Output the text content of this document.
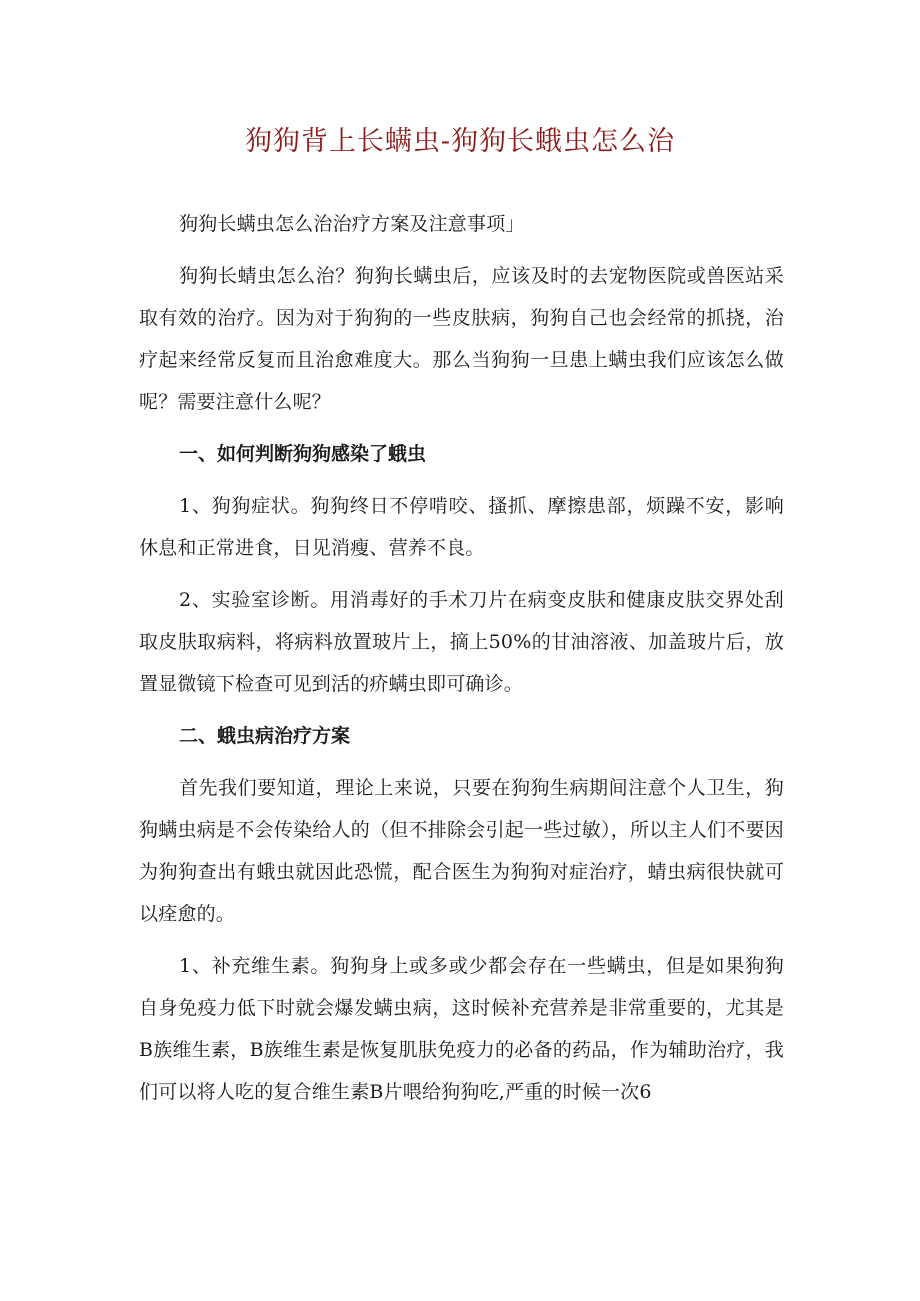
狗狗背上长螨虫-狗狗长蛾虫怎么治

狗狗长螨虫怎么治治疗方案及注意事项」

狗狗长蜻虫怎么治？狗狗长螨虫后，应该及时的去宠物医院或兽医站采取有效的治疗。因为对于狗狗的一些皮肤病，狗狗自己也会经常的抓挠，治疗起来经常反复而且治愈难度大。那么当狗狗一旦患上螨虫我们应该怎么做呢？需要注意什么呢？

一、如何判断狗狗感染了蛾虫

1、狗狗症状。狗狗终日不停啃咬、搔抓、摩擦患部，烦躁不安，影响休息和正常进食，日见消瘦、营养不良。

2、实验室诊断。用消毒好的手术刀片在病变皮肤和健康皮肤交界处刮取皮肤取病料，将病料放置玻片上，摘上50%的甘油溶液、加盖玻片后，放置显微镜下检查可见到活的疥螨虫即可确诊。

二、蛾虫病治疗方案

首先我们要知道，理论上来说，只要在狗狗生病期间注意个人卫生，狗狗螨虫病是不会传染给人的（但不排除会引起一些过敏），所以主人们不要因为狗狗查出有蛾虫就因此恐慌，配合医生为狗狗对症治疗，蜻虫病很快就可以痊愈的。

1、补充维生素。狗狗身上或多或少都会存在一些螨虫，但是如果狗狗自身免疫力低下时就会爆发螨虫病，这时候补充营养是非常重要的，尤其是B族维生素，B族维生素是恢复肌肤免疫力的必备的药品，作为辅助治疗，我们可以将人吃的复合维生素B片喂给狗狗吃,严重的时候一次6
